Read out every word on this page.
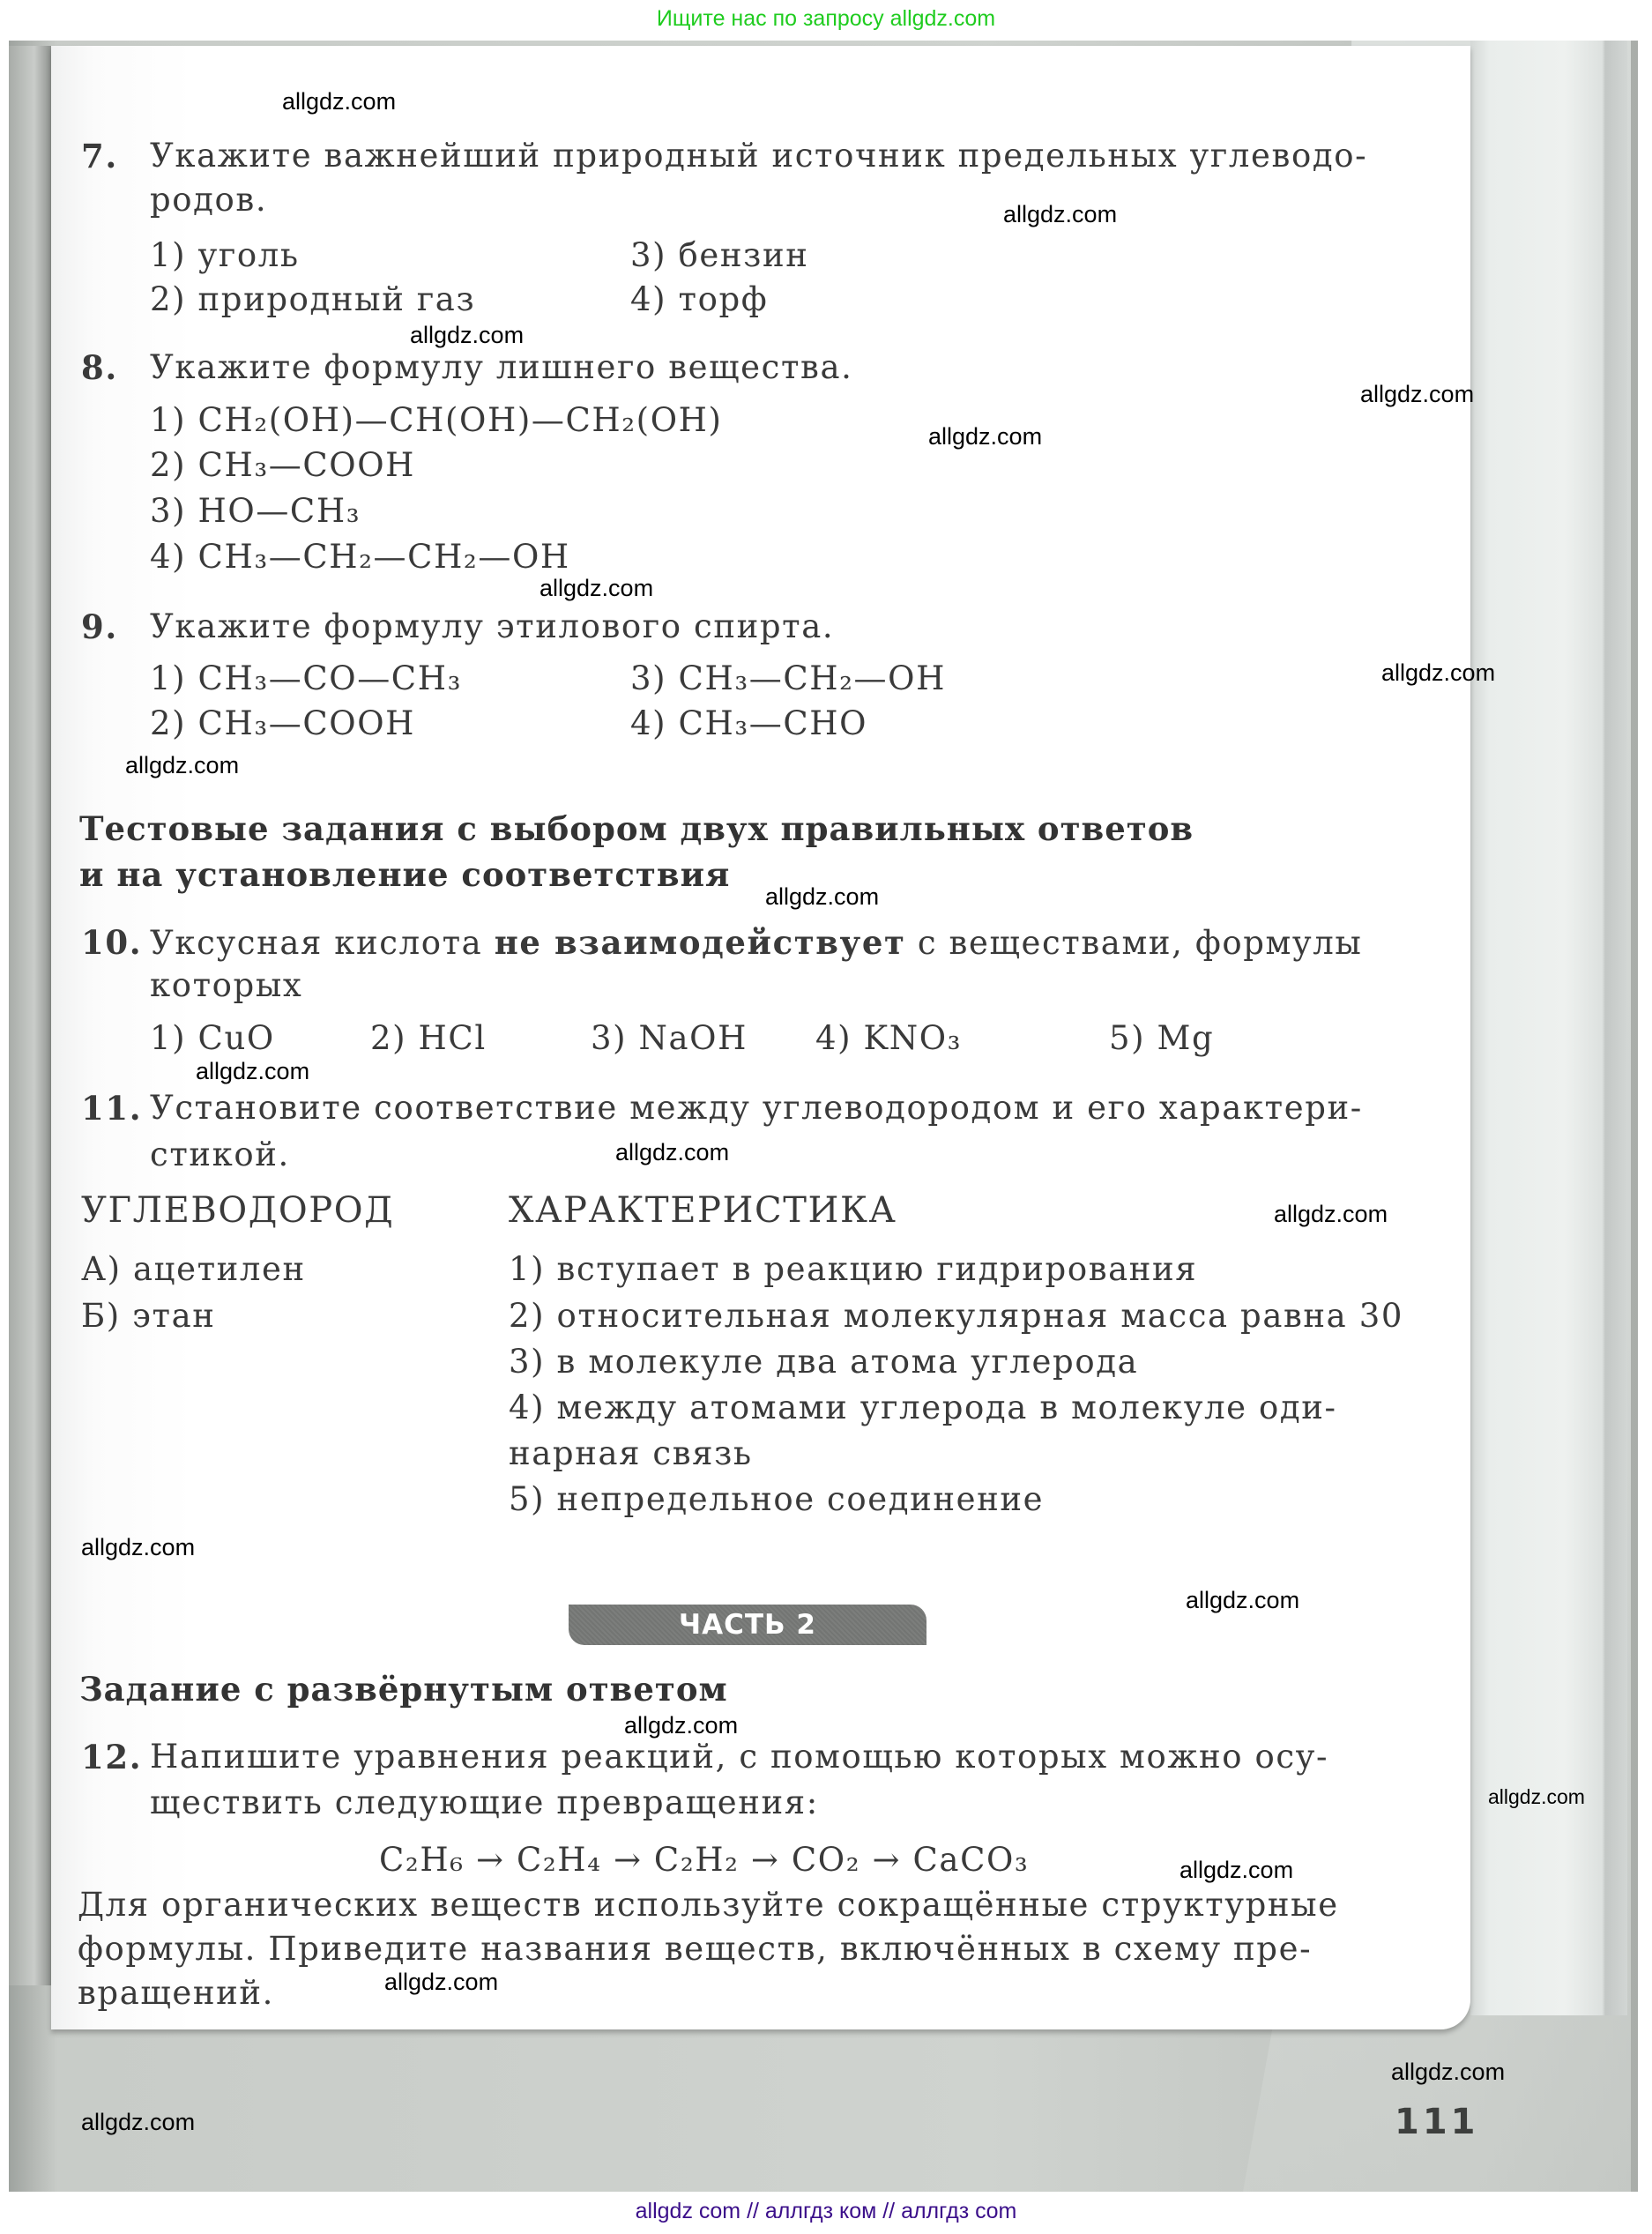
Ищите нас по запросу allgdz.com
7. Укажите важнейший природный источник предельных углеводо-
родов.
1) уголь
2) природный газ
3) бензин
4) торф
8. Укажите формулу лишнего вещества.
1) CH₂(OH)—CH(OH)—CH₂(OH)
2) CH₃—COOH
3) HO—CH₃
4) CH₃—CH₂—CH₂—OH
9. Укажите формулу этилового спирта.
1) CH₃—CO—CH₃
2) CH₃—COOH
3) CH₃—CH₂—OH
4) CH₃—CHO
Тестовые задания с выбором двух правильных ответов
и на установление соответствия
10. Уксусная кислота не взаимодействует с веществами, формулы
которых
1) CuO	2) HCl	3) NaOH 4) KNO₃	5) Mg
11. Установите соответствие между углеводородом и его характери-
стикой.
УГЛЕВОДОРОД	ХАРАКТЕРИСТИКА
А) ацетилен
Б) этан
1) вступает в реакцию гидрирования
2) относительная молекулярная масса равна 30
3) в молекуле два атома углерода
4) между атомами углерода в молекуле оди-
нарная связь
5) непредельное соединение
ЧАСТЬ 2
Задание с развёрнутым ответом
12. Напишите уравнения реакций, с помощью которых можно осу-
ществить следующие превращения:
C₂H₆ → C₂H₄ → C₂H₂ → CO₂ → CaCO₃
Для органических веществ используйте сокращённые структурные
формулы. Приведите названия веществ, включённых в схему пре-
вращений.
111
allgdz.com
allgdz.com
allgdz.com
allgdz.com
allgdz.com
allgdz.com
allgdz.com
allgdz.com
allgdz.com
allgdz.com
allgdz.com
allgdz.com
allgdz.com
allgdz.com
allgdz.com
allgdz.com
allgdz.com
allgdz.com
allgdz.com
allgdz.com
allgdz com // аллгдз ком // аллгдз com
